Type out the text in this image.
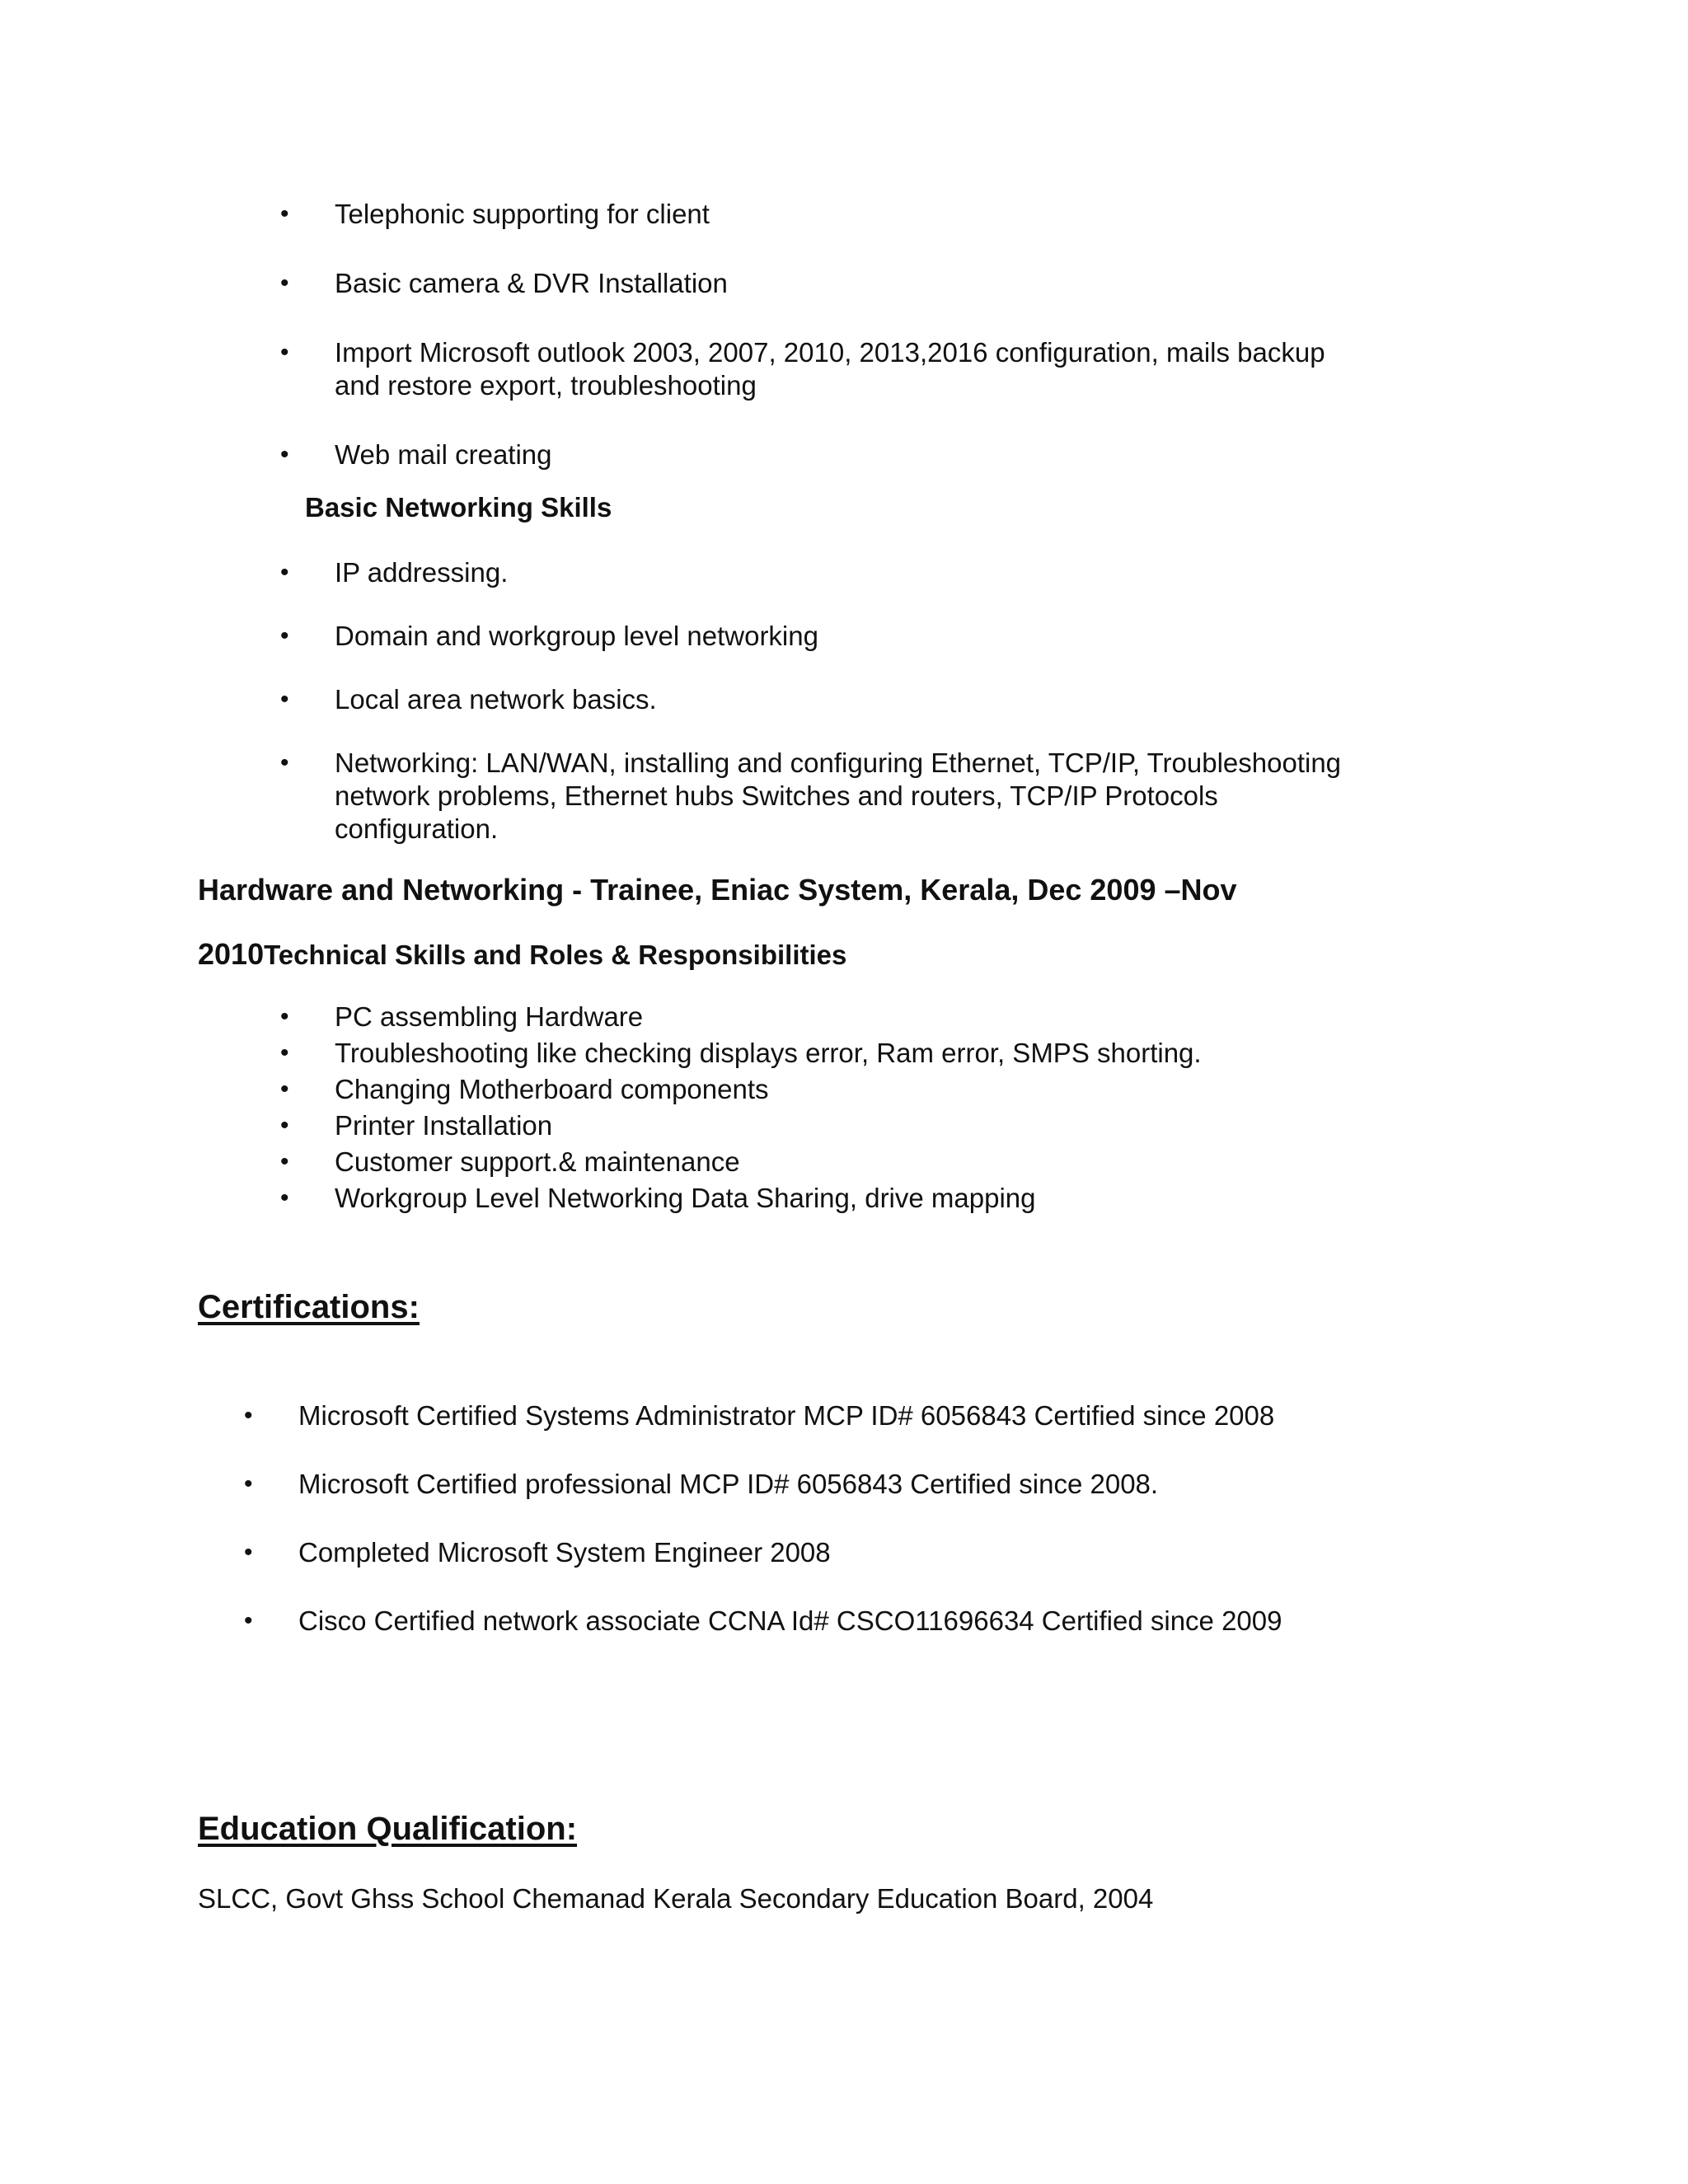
•	Telephonic supporting for client
•	Basic camera & DVR Installation
•	Import Microsoft outlook 2003, 2007, 2010, 2013,2016 configuration, mails backup and restore export, troubleshooting
•	Web mail creating
Basic Networking Skills
•	IP addressing.
•	Domain and workgroup level networking
•	Local area network basics.
•	Networking: LAN/WAN, installing and configuring Ethernet, TCP/IP, Troubleshooting network problems, Ethernet hubs Switches and routers, TCP/IP Protocols configuration.
Hardware and Networking - Trainee, Eniac System, Kerala, Dec 2009 –Nov
2010Technical Skills and Roles & Responsibilities
•	PC assembling Hardware
•	Troubleshooting like checking displays error, Ram error, SMPS shorting.
•	Changing Motherboard components
•	Printer Installation
•	Customer support.& maintenance
•	Workgroup Level Networking Data Sharing, drive mapping
Certifications:
•	Microsoft Certified Systems Administrator MCP ID# 6056843 Certified since 2008
•	Microsoft Certified professional MCP ID# 6056843 Certified since 2008.
•	Completed Microsoft System Engineer 2008
•	Cisco Certified network associate CCNA Id# CSCO11696634 Certified since 2009
Education Qualification:
SLCC, Govt Ghss School Chemanad Kerala Secondary Education Board, 2004
